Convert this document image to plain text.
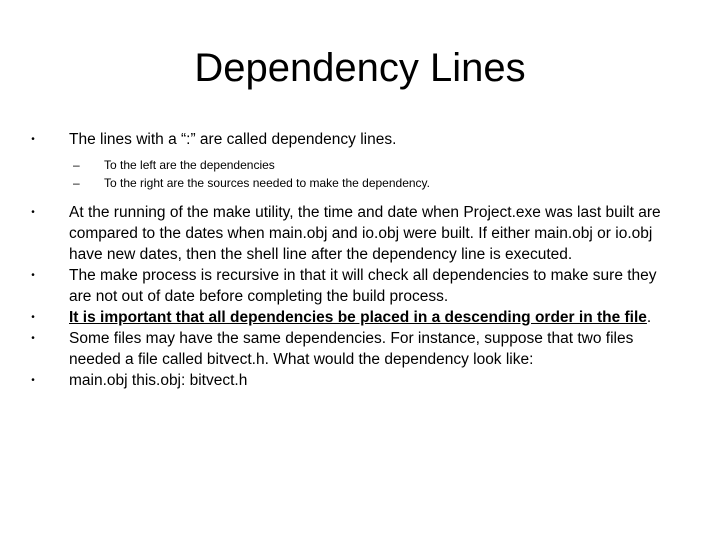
Dependency Lines
• The lines with a “:” are called dependency lines.
– To the left are the dependencies
– To the right are the sources needed to make the dependency.
• At the running of the make utility, the time and date when Project.exe was last built are compared to the dates when main.obj and io.obj were built. If either main.obj or io.obj have new dates, then the shell line after the dependency line is executed.
• The make process is recursive in that it will check all dependencies to make sure they are not out of date before completing the build process.
• It is important that all dependencies be placed in a descending order in the file.
• Some files may have the same dependencies. For instance, suppose that two files needed a file called bitvect.h. What would the dependency look like:
• main.obj this.obj: bitvect.h
